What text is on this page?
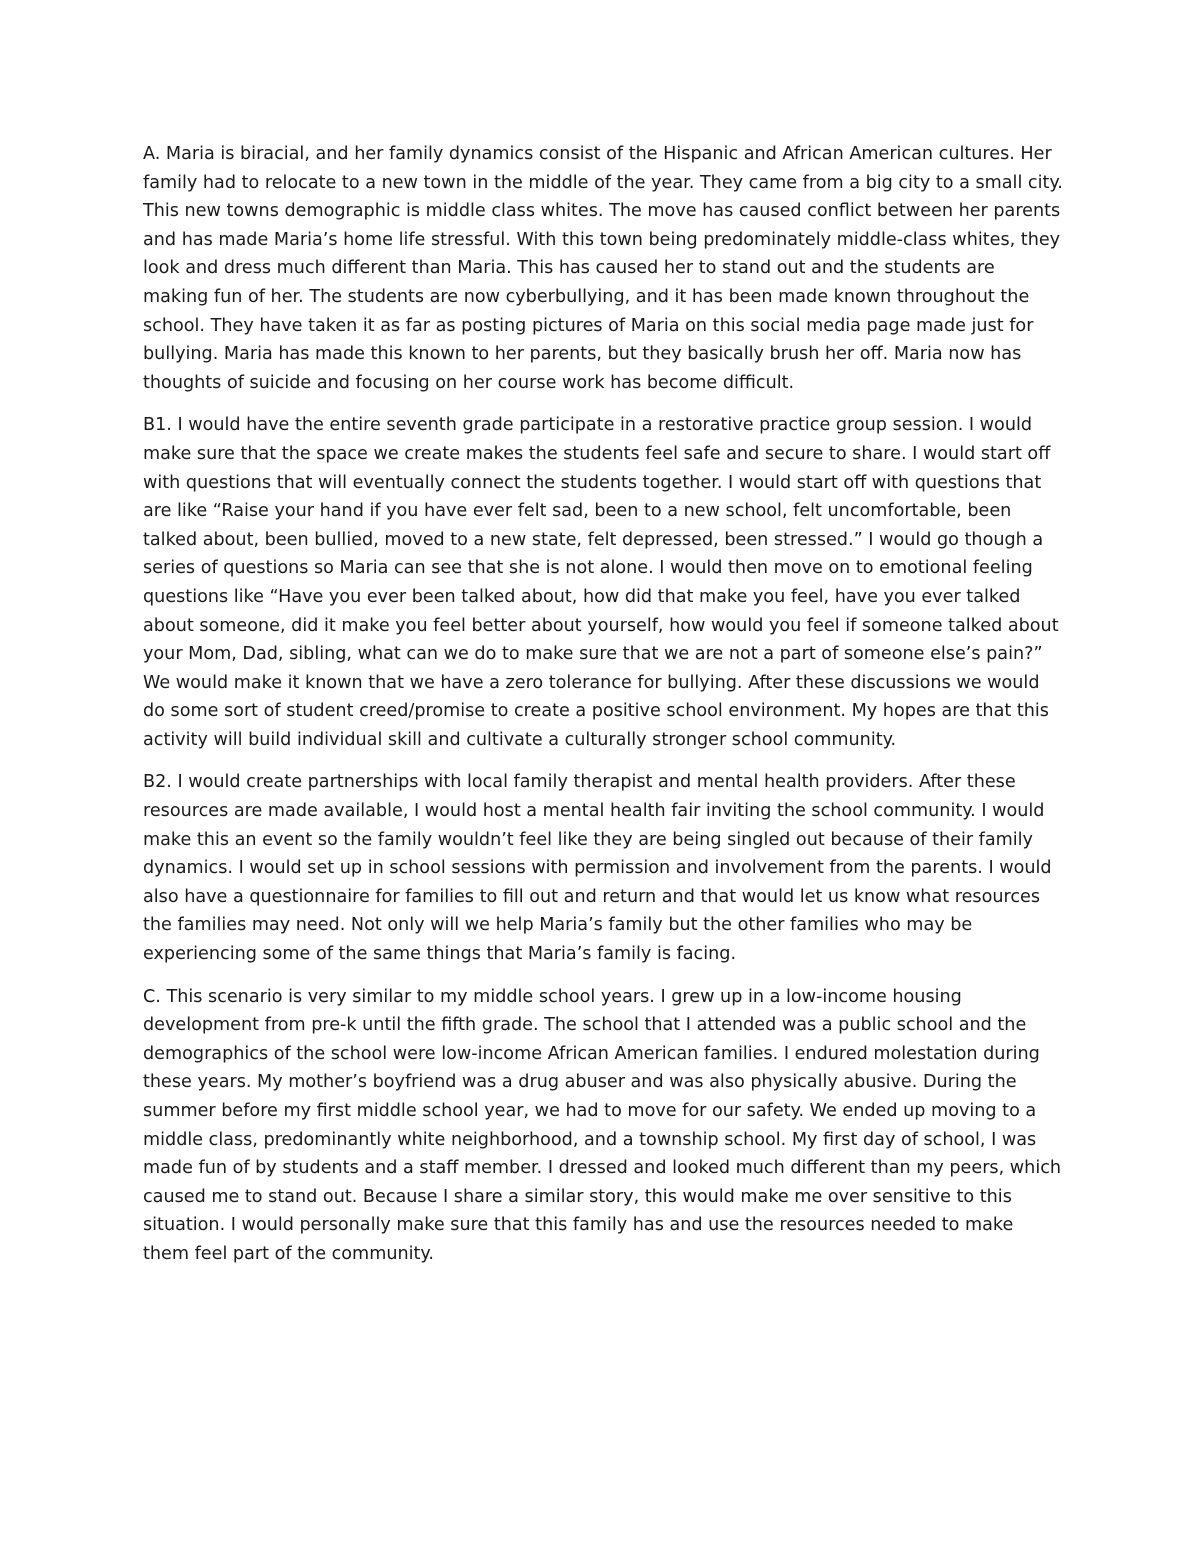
A. Maria is biracial, and her family dynamics consist of the Hispanic and African American cultures. Her family had to relocate to a new town in the middle of the year. They came from a big city to a small city. This new towns demographic is middle class whites. The move has caused conflict between her parents and has made Maria’s home life stressful. With this town being predominately middle-class whites, they look and dress much different than Maria. This has caused her to stand out and the students are making fun of her. The students are now cyberbullying, and it has been made known throughout the school. They have taken it as far as posting pictures of Maria on this social media page made just for bullying. Maria has made this known to her parents, but they basically brush her off. Maria now has thoughts of suicide and focusing on her course work has become difficult.

B1. I would have the entire seventh grade participate in a restorative practice group session. I would make sure that the space we create makes the students feel safe and secure to share. I would start off with questions that will eventually connect the students together. I would start off with questions that are like “Raise your hand if you have ever felt sad, been to a new school, felt uncomfortable, been talked about, been bullied, moved to a new state, felt depressed, been stressed.” I would go though a series of questions so Maria can see that she is not alone. I would then move on to emotional feeling questions like “Have you ever been talked about, how did that make you feel, have you ever talked about someone, did it make you feel better about yourself, how would you feel if someone talked about your Mom, Dad, sibling, what can we do to make sure that we are not a part of someone else’s pain?” We would make it known that we have a zero tolerance for bullying. After these discussions we would do some sort of student creed/promise to create a positive school environment. My hopes are that this activity will build individual skill and cultivate a culturally stronger school community.

B2. I would create partnerships with local family therapist and mental health providers. After these resources are made available, I would host a mental health fair inviting the school community. I would make this an event so the family wouldn’t feel like they are being singled out because of their family dynamics. I would set up in school sessions with permission and involvement from the parents. I would also have a questionnaire for families to fill out and return and that would let us know what resources the families may need. Not only will we help Maria’s family but the other families who may be experiencing some of the same things that Maria’s family is facing.

C. This scenario is very similar to my middle school years. I grew up in a low-income housing development from pre-k until the fifth grade. The school that I attended was a public school and the demographics of the school were low-income African American families. I endured molestation during these years. My mother’s boyfriend was a drug abuser and was also physically abusive. During the summer before my first middle school year, we had to move for our safety. We ended up moving to a middle class, predominantly white neighborhood, and a township school. My first day of school, I was made fun of by students and a staff member. I dressed and looked much different than my peers, which caused me to stand out. Because I share a similar story, this would make me over sensitive to this situation. I would personally make sure that this family has and use the resources needed to make them feel part of the community.
